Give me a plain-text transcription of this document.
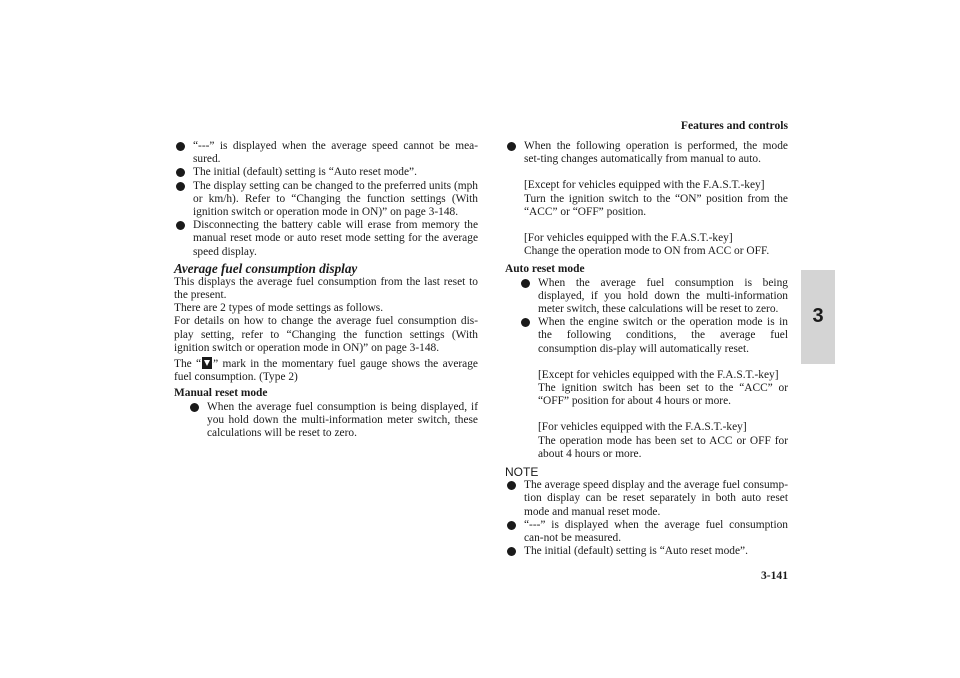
Features and controls
3
3-141
“---” is displayed when the average speed cannot be mea-sured.
The initial (default) setting is “Auto reset mode”.
The display setting can be changed to the preferred units (mph or km/h). Refer to “Changing the function settings (With ignition switch or operation mode in ON)” on page 3-148.
Disconnecting the battery cable will erase from memory the manual reset mode or auto reset mode setting for the average speed display.
Average fuel consumption display
This displays the average fuel consumption from the last reset to the present.
There are 2 types of mode settings as follows.
For details on how to change the average fuel consumption dis-play setting, refer to “Changing the function settings (With ignition switch or operation mode in ON)” on page 3-148.
The “ ” mark in the momentary fuel gauge shows the average fuel consumption. (Type 2)
Manual reset mode
When the average fuel consumption is being displayed, if you hold down the multi-information meter switch, these calculations will be reset to zero.
When the following operation is performed, the mode set-ting changes automatically from manual to auto.
[Except for vehicles equipped with the F.A.S.T.-key]
Turn the ignition switch to the “ON” position from the “ACC” or “OFF” position.
[For vehicles equipped with the F.A.S.T.-key]
Change the operation mode to ON from ACC or OFF.
Auto reset mode
When the average fuel consumption is being displayed, if you hold down the multi-information meter switch, these calculations will be reset to zero.
When the engine switch or the operation mode is in the following conditions, the average fuel consumption dis-play will automatically reset.
[Except for vehicles equipped with the F.A.S.T.-key]
The ignition switch has been set to the “ACC” or “OFF” position for about 4 hours or more.
[For vehicles equipped with the F.A.S.T.-key]
The operation mode has been set to ACC or OFF for about 4 hours or more.
NOTE
The average speed display and the average fuel consump-tion display can be reset separately in both auto reset mode and manual reset mode.
“---” is displayed when the average fuel consumption can-not be measured.
The initial (default) setting is “Auto reset mode”.
